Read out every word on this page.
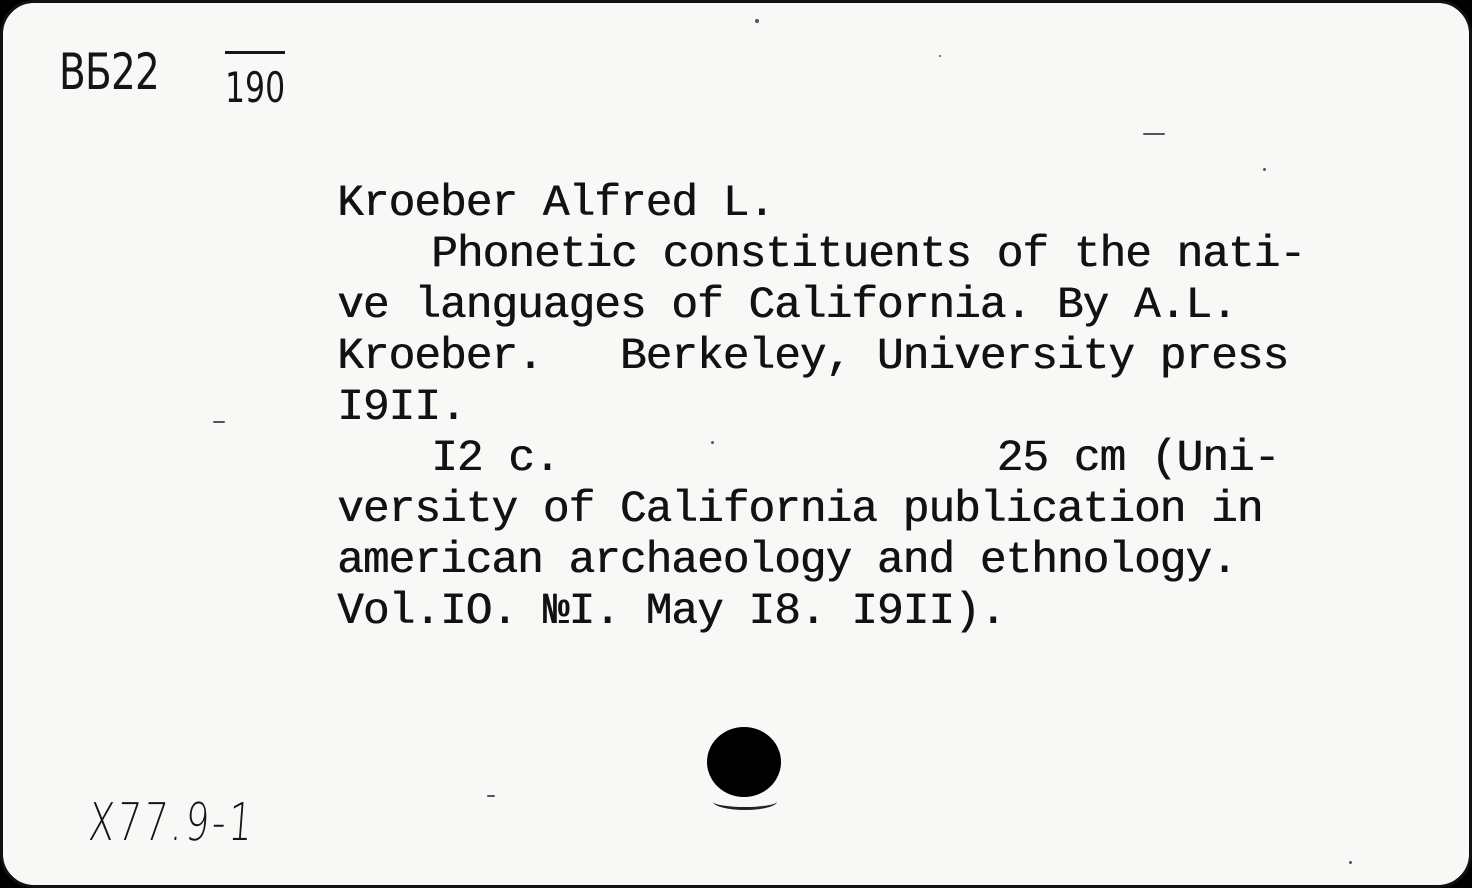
ВБ22 190
Kroeber Alfred L.
Phonetic constituents of the nati-
ve languages of California. By A.L.
Kroeber.   Berkeley, University press
I9II.
I2 c.                 25 cm (Uni-
versity of California publication in
american archaeology and ethnology.
Vol.IO. №I. May I8. I9II).
X77.9-1
